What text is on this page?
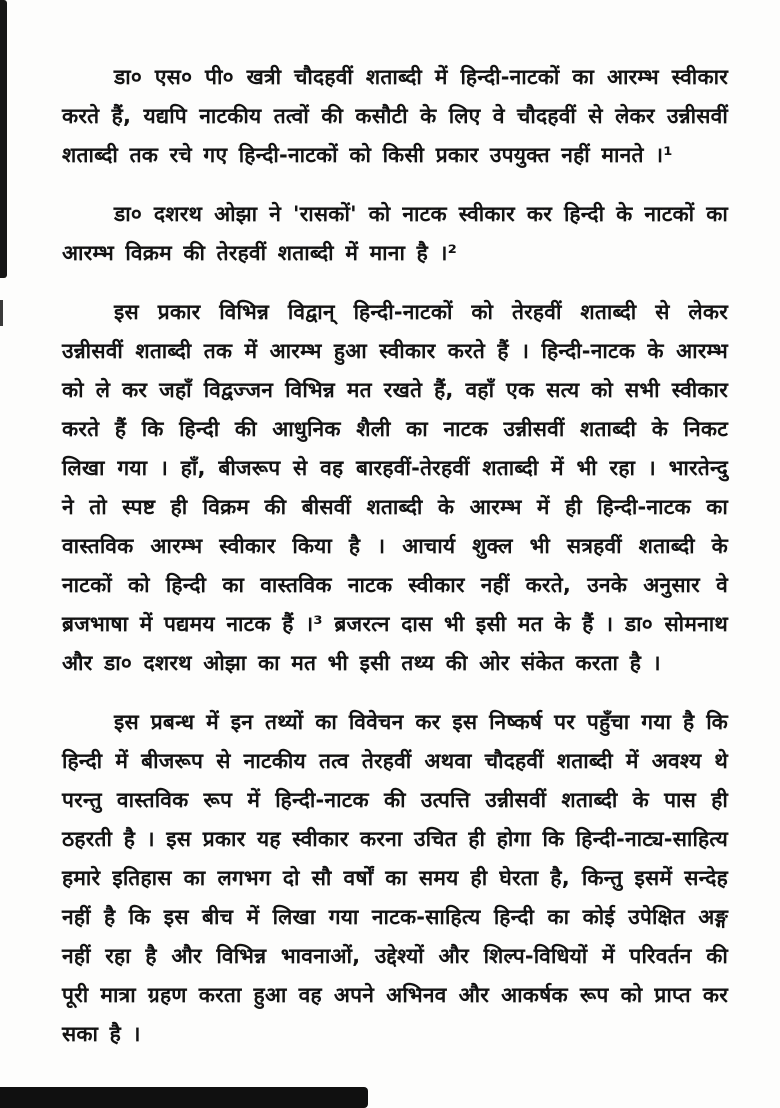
डा० एस० पी० खत्री चौदहवीं शताब्दी में हिन्दी-नाटकों का आरम्भ स्वीकार करते हैं, यद्यपि नाटकीय तत्वों की कसौटी के लिए वे चौदहवीं से लेकर उन्नीसवीं शताब्दी तक रचे गए हिन्दी-नाटकों को किसी प्रकार उपयुक्त नहीं मानते ।¹

डा० दशरथ ओझा ने 'रासकों' को नाटक स्वीकार कर हिन्दी के नाटकों का आरम्भ विक्रम की तेरहवीं शताब्दी में माना है ।²

इस प्रकार विभिन्न विद्वान् हिन्दी-नाटकों को तेरहवीं शताब्दी से लेकर उन्नीसवीं शताब्दी तक में आरम्भ हुआ स्वीकार करते हैं । हिन्दी-नाटक के आरम्भ को ले कर जहाँ विद्वज्जन विभिन्न मत रखते हैं, वहाँ एक सत्य को सभी स्वीकार करते हैं कि हिन्दी की आधुनिक शैली का नाटक उन्नीसवीं शताब्दी के निकट लिखा गया । हाँ, बीजरूप से वह बारहवीं-तेरहवीं शताब्दी में भी रहा । भारतेन्दु ने तो स्पष्ट ही विक्रम की बीसवीं शताब्दी के आरम्भ में ही हिन्दी-नाटक का वास्तविक आरम्भ स्वीकार किया है । आचार्य शुक्ल भी सत्रहवीं शताब्दी के नाटकों को हिन्दी का वास्तविक नाटक स्वीकार नहीं करते, उनके अनुसार वे ब्रजभाषा में पद्यमय नाटक हैं ।³ ब्रजरत्न दास भी इसी मत के हैं । डा० सोमनाथ और डा० दशरथ ओझा का मत भी इसी तथ्य की ओर संकेत करता है ।

इस प्रबन्ध में इन तथ्यों का विवेचन कर इस निष्कर्ष पर पहुँचा गया है कि हिन्दी में बीजरूप से नाटकीय तत्व तेरहवीं अथवा चौदहवीं शताब्दी में अवश्य थे परन्तु वास्तविक रूप में हिन्दी-नाटक की उत्पत्ति उन्नीसवीं शताब्दी के पास ही ठहरती है । इस प्रकार यह स्वीकार करना उचित ही होगा कि हिन्दी-नाट्य-साहित्य हमारे इतिहास का लगभग दो सौ वर्षों का समय ही घेरता है, किन्तु इसमें सन्देह नहीं है कि इस बीच में लिखा गया नाटक-साहित्य हिन्दी का कोई उपेक्षित अङ्ग नहीं रहा है और विभिन्न भावनाओं, उद्देश्यों और शिल्प-विधियों में परिवर्तन की पूरी मात्रा ग्रहण करता हुआ वह अपने अभिनव और आकर्षक रूप को प्राप्त कर सका है ।
